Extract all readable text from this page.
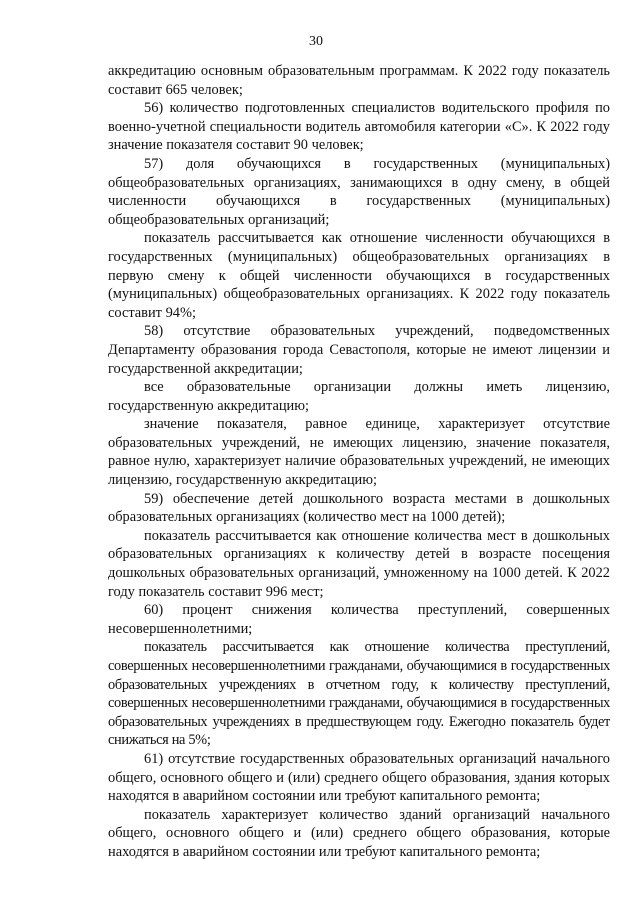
30

аккредитацию основным образовательным программам. К 2022 году показатель составит 665 человек;

56) количество подготовленных специалистов водительского профиля по военно-учетной специальности водитель автомобиля категории «С». К 2022 году значение показателя составит 90 человек;

57) доля обучающихся в государственных (муниципальных) общеобразовательных организациях, занимающихся в одну смену, в общей численности обучающихся в государственных (муниципальных) общеобразовательных организаций;

показатель рассчитывается как отношение численности обучающихся в государственных (муниципальных) общеобразовательных организациях в первую смену к общей численности обучающихся в государственных (муниципальных) общеобразовательных организациях. К 2022 году показатель составит 94%;

58) отсутствие образовательных учреждений, подведомственных Департаменту образования города Севастополя, которые не имеют лицензии и государственной аккредитации;

все образовательные организации должны иметь лицензию, государственную аккредитацию;

значение показателя, равное единице, характеризует отсутствие образовательных учреждений, не имеющих лицензию, значение показателя, равное нулю, характеризует наличие образовательных учреждений, не имеющих лицензию, государственную аккредитацию;

59) обеспечение детей дошкольного возраста местами в дошкольных образовательных организациях (количество мест на 1000 детей);

показатель рассчитывается как отношение количества мест в дошкольных образовательных организациях к количеству детей в возрасте посещения дошкольных образовательных организаций, умноженному на 1000 детей. К 2022 году показатель составит 996 мест;

60) процент снижения количества преступлений, совершенных несовершеннолетними;

показатель рассчитывается как отношение количества преступлений, совершенных несовершеннолетними гражданами, обучающимися в государственных образовательных учреждениях в отчетном году, к количеству преступлений, совершенных несовершеннолетними гражданами, обучающимися в государственных образовательных учреждениях в предшествующем году. Ежегодно показатель будет снижаться на 5%;

61) отсутствие государственных образовательных организаций начального общего, основного общего и (или) среднего общего образования, здания которых находятся в аварийном состоянии или требуют капитального ремонта;

показатель характеризует количество зданий организаций начального общего, основного общего и (или) среднего общего образования, которые находятся в аварийном состоянии или требуют капитального ремонта;
